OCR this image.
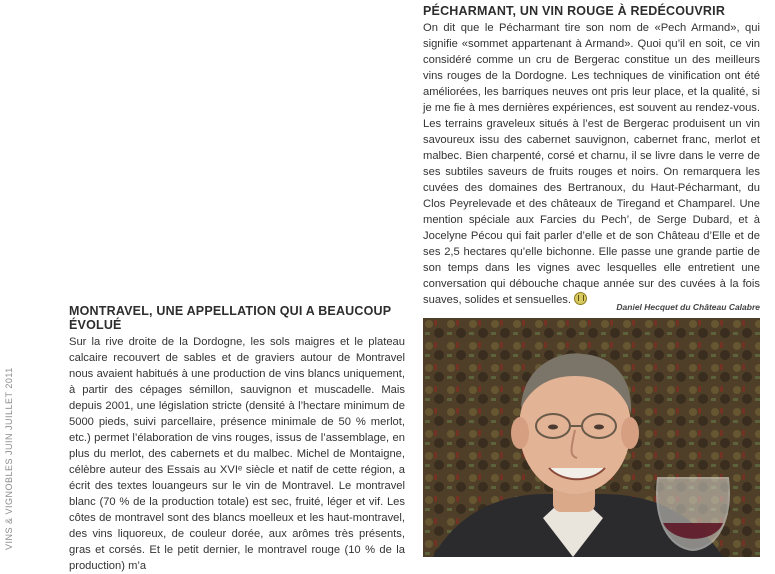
VINS & VIGNOBLES JUIN JUILLET 2011
PÉCHARMANT, UN VIN ROUGE À REDÉCOUVRIR

On dit que le Pécharmant tire son nom de «Pech Armand», qui signifie «sommet appartenant à Armand». Quoi qu’il en soit, ce vin considéré comme un cru de Bergerac constitue un des meilleurs vins rouges de la Dordogne. Les techniques de vinification ont été améliorées, les barriques neuves ont pris leur place, et la qualité, si je me fie à mes dernières expériences, est souvent au rendez-vous. Les terrains graveleux situés à l’est de Bergerac produisent un vin savoureux issu des cabernet sauvignon, cabernet franc, merlot et malbec. Bien charpenté, corsé et charnu, il se livre dans le verre de ses subtiles saveurs de fruits rouges et noirs. On remarquera les cuvées des domaines des Bertranoux, du Haut-Pécharmant, du Clos Peyrelevade et des châteaux de Tiregand et Champarel. Une mention spéciale aux Farcies du Pech’, de Serge Dubard, et à Jocelyne Pécou qui fait parler d’elle et de son Château d’Elle et de ses 2,5 hectares qu’elle bichonne. Elle passe une grande partie de son temps dans les vignes avec lesquelles elle entretient une conversation qui débouche chaque année sur des cuvées à la fois suaves, solides et sensuelles.

Daniel Hecquet du Château Calabre
MONTRAVEL, UNE APPELLATION QUI A BEAUCOUP ÉVOLUÉ

Sur la rive droite de la Dordogne, les sols maigres et le plateau calcaire recouvert de sables et de graviers autour de Montravel nous avaient habitués à une production de vins blancs uniquement, à partir des cépages sémillon, sauvignon et muscadelle. Mais depuis 2001, une législation stricte (densité à l’hectare minimum de 5000 pieds, suivi parcellaire, présence minimale de 50 % merlot, etc.) permet l’élaboration de vins rouges, issus de l’assemblage, en plus du merlot, des cabernets et du malbec. Michel de Montaigne, célèbre auteur des Essais au XVIᵉ siècle et natif de cette région, a écrit des textes louangeurs sur le vin de Montravel. Le montravel blanc (70 % de la production totale) est sec, fruité, léger et vif. Les côtes de montravel sont des blancs moelleux et les haut-montravel, des vins liquoreux, de couleur dorée, aux arômes très présents, gras et corsés. Et le petit dernier, le montravel rouge (10 % de la production) m’a
